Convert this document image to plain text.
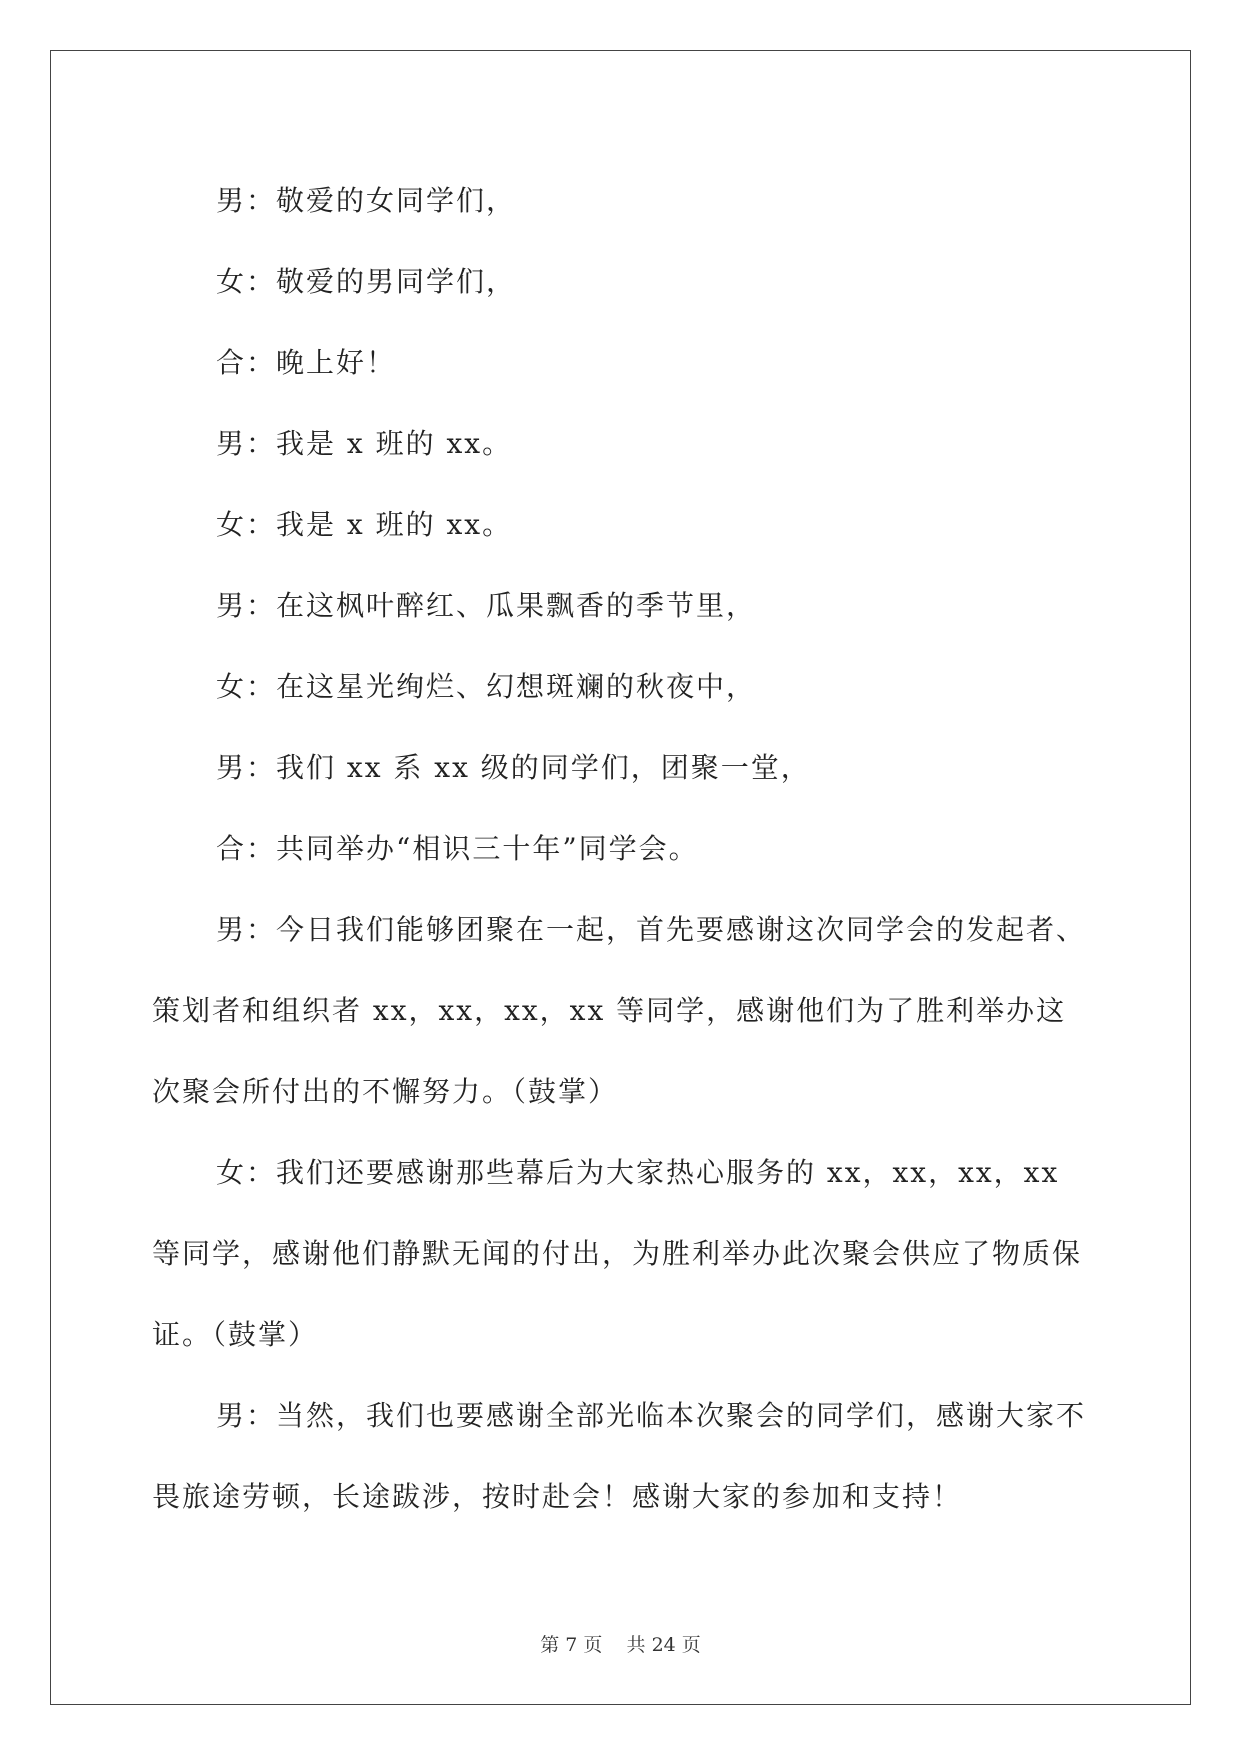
男：敬爱的女同学们，

女：敬爱的男同学们，

合：晚上好！

男：我是 x 班的 xx。

女：我是 x 班的 xx。

男：在这枫叶醉红、瓜果飘香的季节里，

女：在这星光绚烂、幻想斑斓的秋夜中，

男：我们 xx 系 xx 级的同学们，团聚一堂，

合：共同举办“相识三十年”同学会。

男：今日我们能够团聚在一起，首先要感谢这次同学会的发起者、策划者和组织者 xx，xx，xx，xx 等同学，感谢他们为了胜利举办这次聚会所付出的不懈努力。（鼓掌）

女：我们还要感谢那些幕后为大家热心服务的 xx，xx，xx，xx 等同学，感谢他们静默无闻的付出，为胜利举办此次聚会供应了物质保证。（鼓掌）

男：当然，我们也要感谢全部光临本次聚会的同学们，感谢大家不畏旅途劳顿，长途跋涉，按时赴会！感谢大家的参加和支持！

第 7 页 共 24 页
